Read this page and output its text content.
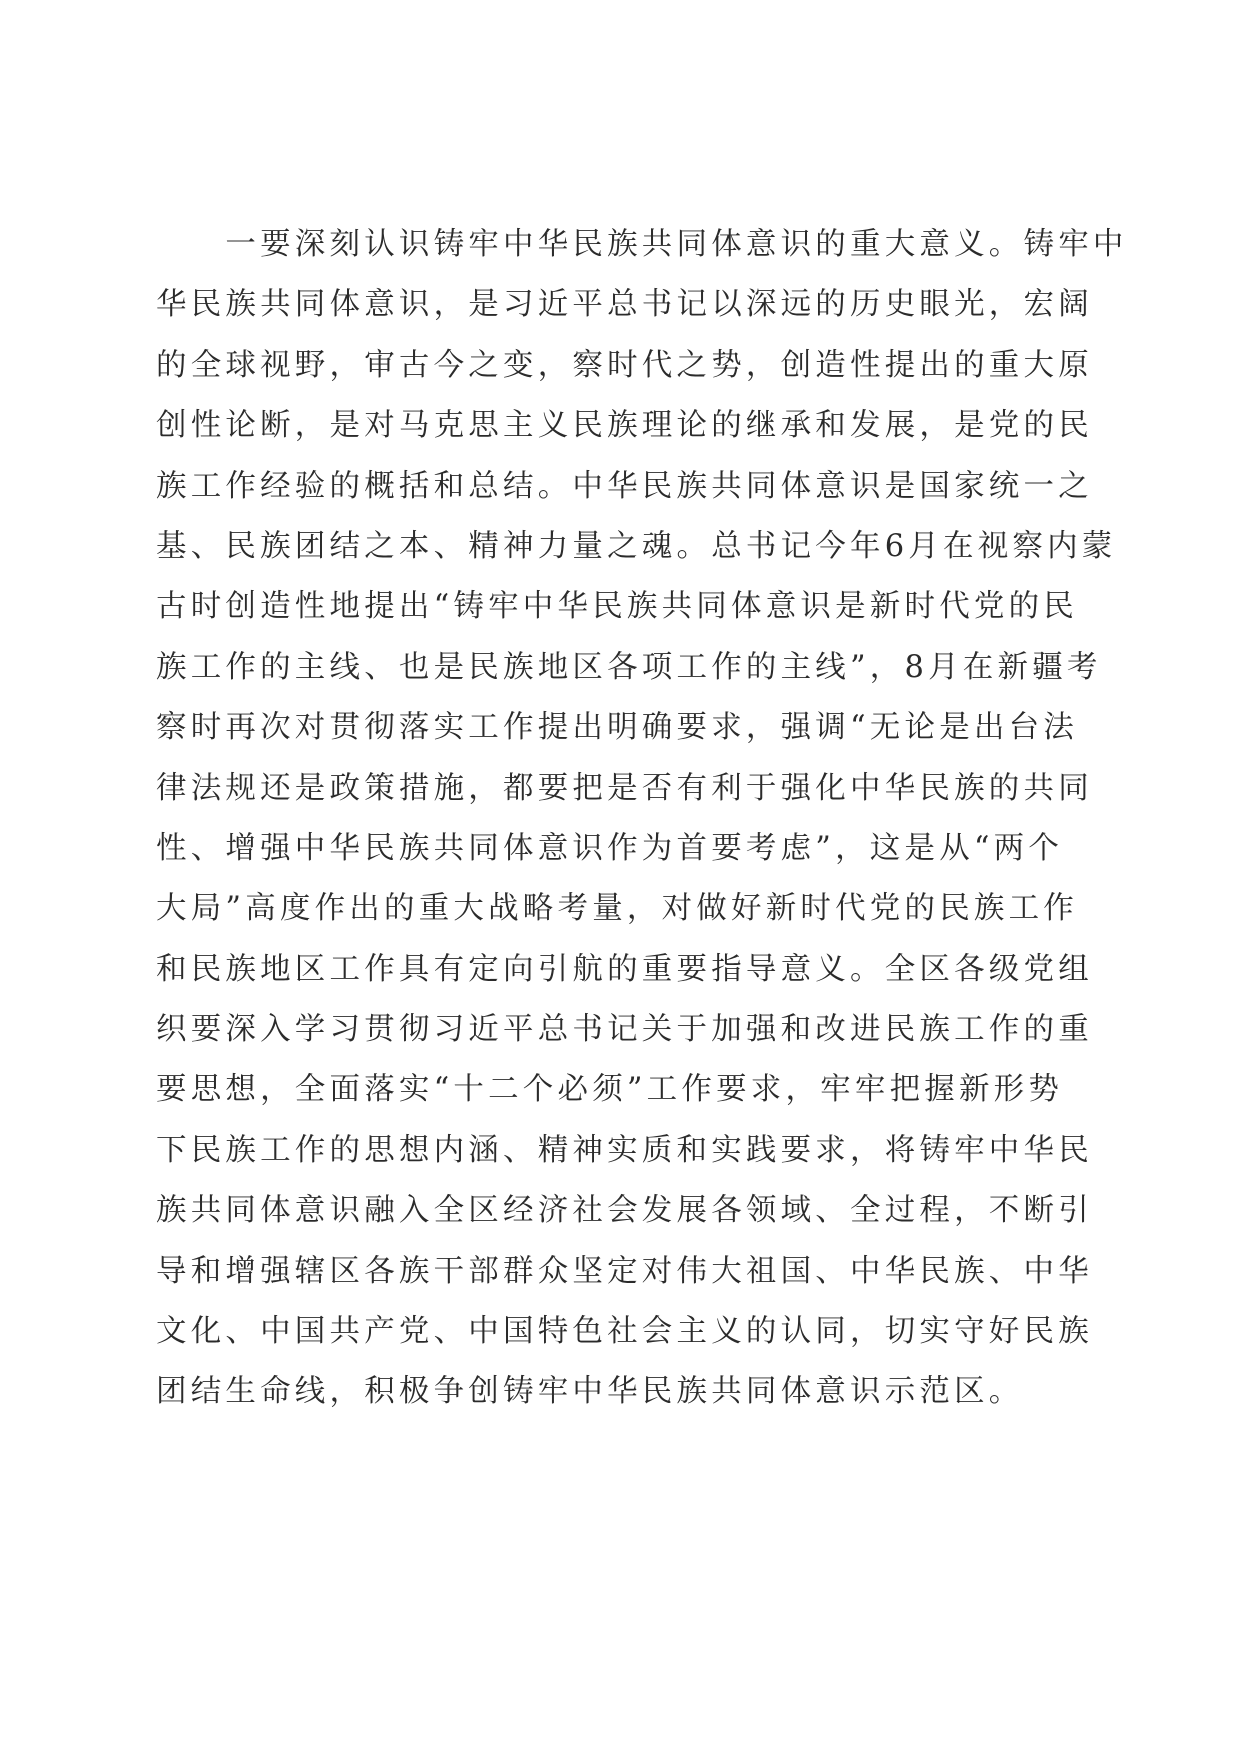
　　一要深刻认识铸牢中华民族共同体意识的重大意义。铸牢中
华民族共同体意识，是习近平总书记以深远的历史眼光，宏阔
的全球视野，审古今之变，察时代之势，创造性提出的重大原
创性论断，是对马克思主义民族理论的继承和发展，是党的民
族工作经验的概括和总结。中华民族共同体意识是国家统一之
基、民族团结之本、精神力量之魂。总书记今年6月在视察内蒙
古时创造性地提出“铸牢中华民族共同体意识是新时代党的民
族工作的主线、也是民族地区各项工作的主线”，8月在新疆考
察时再次对贯彻落实工作提出明确要求，强调“无论是出台法
律法规还是政策措施，都要把是否有利于强化中华民族的共同
性、增强中华民族共同体意识作为首要考虑”，这是从“两个
大局”高度作出的重大战略考量，对做好新时代党的民族工作
和民族地区工作具有定向引航的重要指导意义。全区各级党组
织要深入学习贯彻习近平总书记关于加强和改进民族工作的重
要思想，全面落实“十二个必须”工作要求，牢牢把握新形势
下民族工作的思想内涵、精神实质和实践要求，将铸牢中华民
族共同体意识融入全区经济社会发展各领域、全过程，不断引
导和增强辖区各族干部群众坚定对伟大祖国、中华民族、中华
文化、中国共产党、中国特色社会主义的认同，切实守好民族
团结生命线，积极争创铸牢中华民族共同体意识示范区。
